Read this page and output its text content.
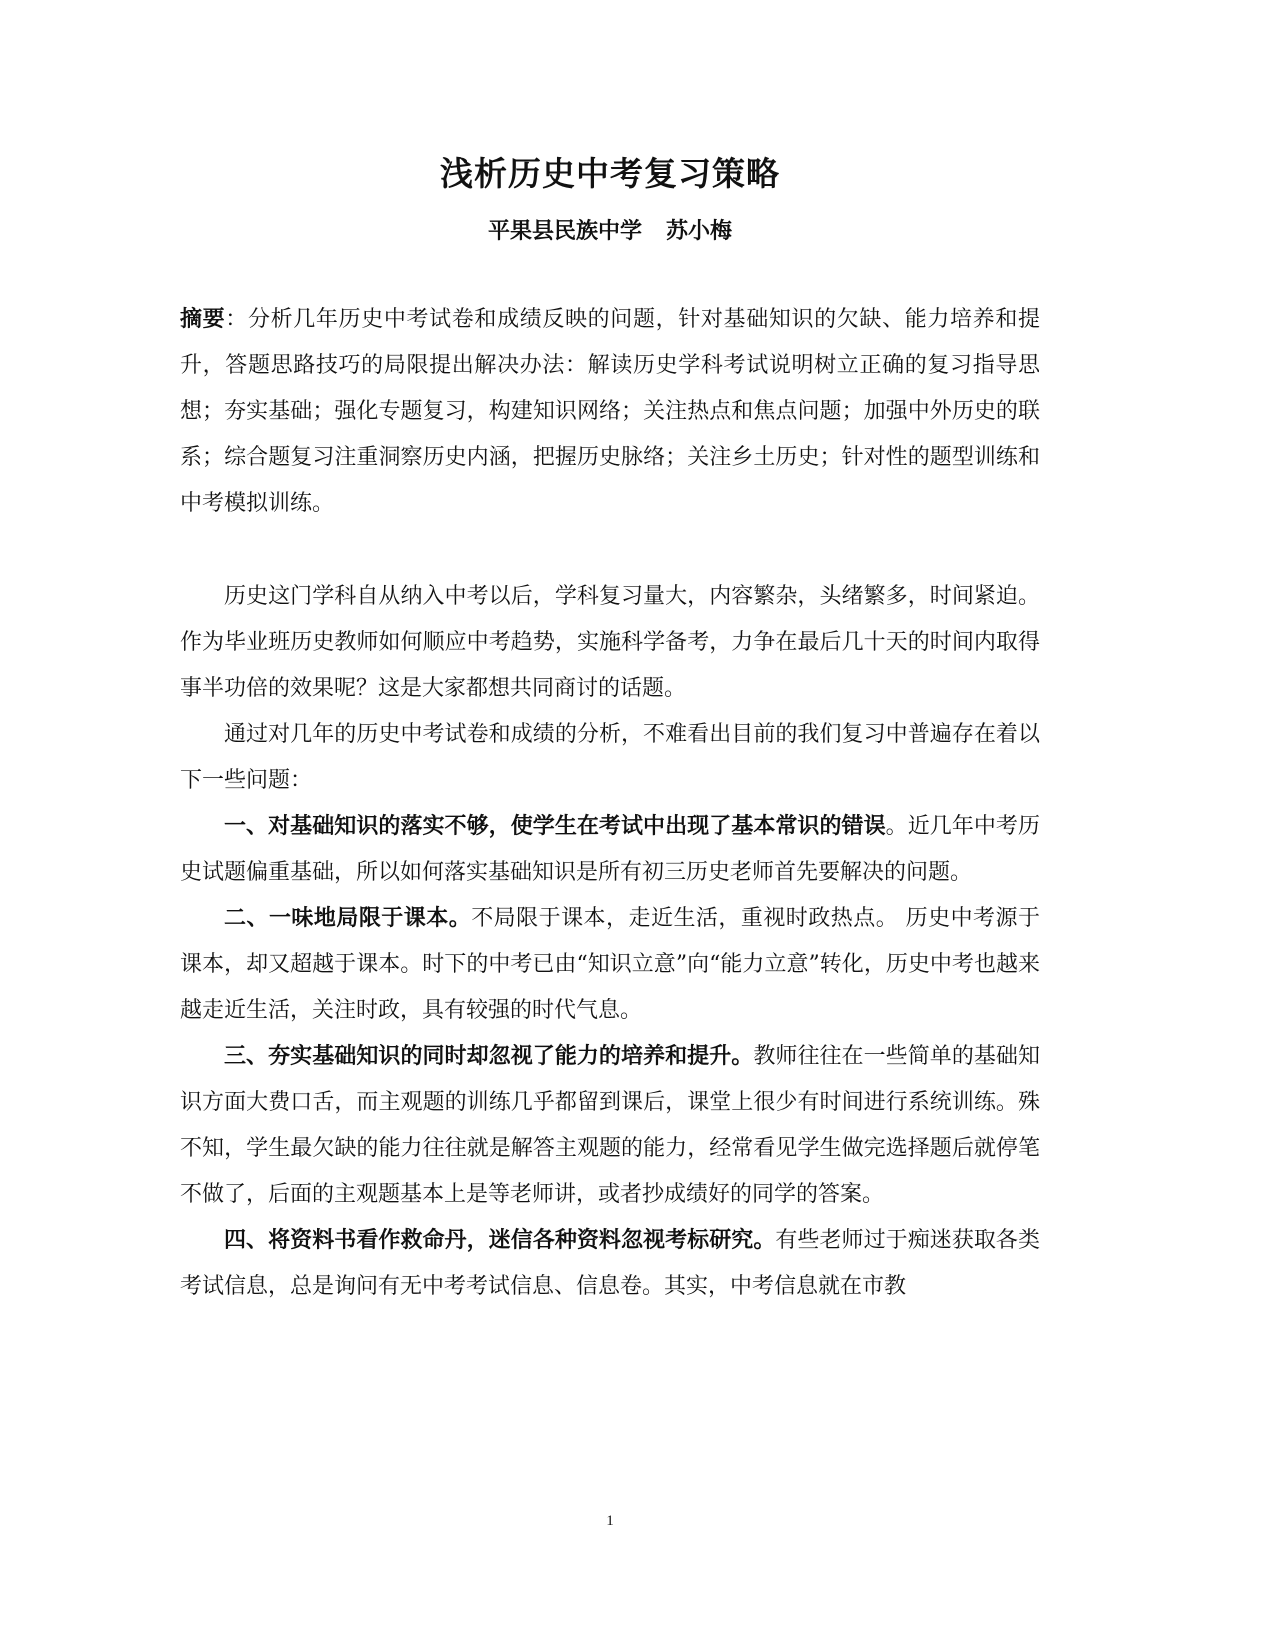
浅析历史中考复习策略
平果县民族中学 苏小梅
摘要：分析几年历史中考试卷和成绩反映的问题，针对基础知识的欠缺、能力培养和提升，答题思路技巧的局限提出解决办法：解读历史学科考试说明树立正确的复习指导思想；夯实基础；强化专题复习，构建知识网络；关注热点和焦点问题；加强中外历史的联系；综合题复习注重洞察历史内涵，把握历史脉络；关注乡土历史；针对性的题型训练和中考模拟训练。

历史这门学科自从纳入中考以后，学科复习量大，内容繁杂，头绪繁多，时间紧迫。作为毕业班历史教师如何顺应中考趋势，实施科学备考，力争在最后几十天的时间内取得事半功倍的效果呢？这是大家都想共同商讨的话题。

通过对几年的历史中考试卷和成绩的分析，不难看出目前的我们复习中普遍存在着以下一些问题：

一、对基础知识的落实不够，使学生在考试中出现了基本常识的错误。近几年中考历史试题偏重基础，所以如何落实基础知识是所有初三历史老师首先要解决的问题。

二、一味地局限于课本。不局限于课本，走近生活，重视时政热点。 历史中考源于课本，却又超越于课本。时下的中考已由“知识立意”向“能力立意”转化，历史中考也越来越走近生活，关注时政，具有较强的时代气息。

三、夯实基础知识的同时却忽视了能力的培养和提升。教师往往在一些简单的基础知识方面大费口舌，而主观题的训练几乎都留到课后，课堂上很少有时间进行系统训练。殊不知，学生最欠缺的能力往往就是解答主观题的能力，经常看见学生做完选择题后就停笔不做了，后面的主观题基本上是等老师讲，或者抄成绩好的同学的答案。

四、将资料书看作救命丹，迷信各种资料忽视考标研究。有些老师过于痴迷获取各类考试信息，总是询问有无中考考试信息、信息卷。其实，中考信息就在市教

1
